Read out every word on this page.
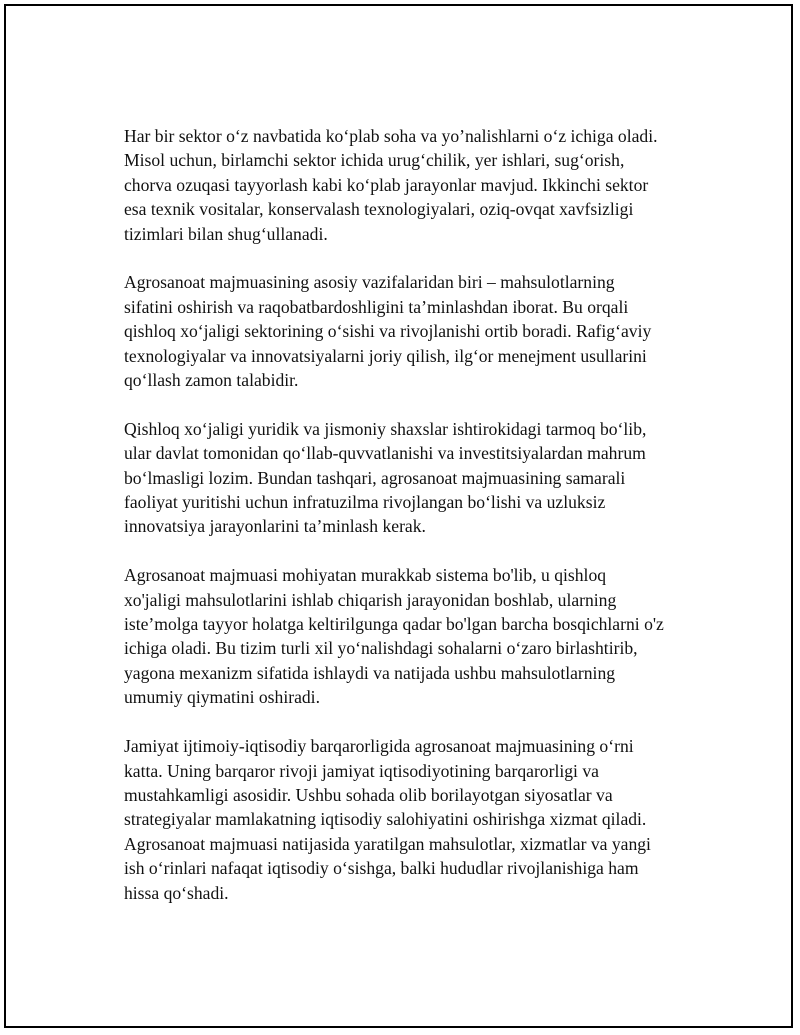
Har bir sektor o‘z navbatida ko‘plab soha va yo’nalishlarni o‘z ichiga oladi.
Misol uchun, birlamchi sektor ichida urug‘chilik, yer ishlari, sug‘orish,
chorva ozuqasi tayyorlash kabi ko‘plab jarayonlar mavjud. Ikkinchi sektor
esa texnik vositalar, konservalash texnologiyalari, oziq-ovqat xavfsizligi
tizimlari bilan shug‘ullanadi.

Agrosanoat majmuasining asosiy vazifalaridan biri – mahsulotlarning
sifatini oshirish va raqobatbardoshligini ta’minlashdan iborat. Bu orqali
qishloq xo‘jaligi sektorining o‘sishi va rivojlanishi ortib boradi. Rafig‘aviy
texnologiyalar va innovatsiyalarni joriy qilish, ilg‘or menejment usullarini
qo‘llash zamon talabidir.

Qishloq xo‘jaligi yuridik va jismoniy shaxslar ishtirokidagi tarmoq bo‘lib,
ular davlat tomonidan qo‘llab-quvvatlanishi va investitsiyalardan mahrum
bo‘lmasligi lozim. Bundan tashqari, agrosanoat majmuasining samarali
faoliyat yuritishi uchun infratuzilma rivojlangan bo‘lishi va uzluksiz
innovatsiya jarayonlarini ta’minlash kerak.

Agrosanoat majmuasi mohiyatan murakkab sistema bo'lib, u qishloq
xo'jaligi mahsulotlarini ishlab chiqarish jarayonidan boshlab, ularning
iste’molga tayyor holatga keltirilgunga qadar bo'lgan barcha bosqichlarni o'z
ichiga oladi. Bu tizim turli xil yo‘nalishdagi sohalarni o‘zaro birlashtirib,
yagona mexanizm sifatida ishlaydi va natijada ushbu mahsulotlarning
umumiy qiymatini oshiradi.

Jamiyat ijtimoiy-iqtisodiy barqarorligida agrosanoat majmuasining o‘rni
katta. Uning barqaror rivoji jamiyat iqtisodiyotining barqarorligi va
mustahkamligi asosidir. Ushbu sohada olib borilayotgan siyosatlar va
strategiyalar mamlakatning iqtisodiy salohiyatini oshirishga xizmat qiladi.
Agrosanoat majmuasi natijasida yaratilgan mahsulotlar, xizmatlar va yangi
ish o‘rinlari nafaqat iqtisodiy o‘sishga, balki hududlar rivojlanishiga ham
hissa qo‘shadi.
